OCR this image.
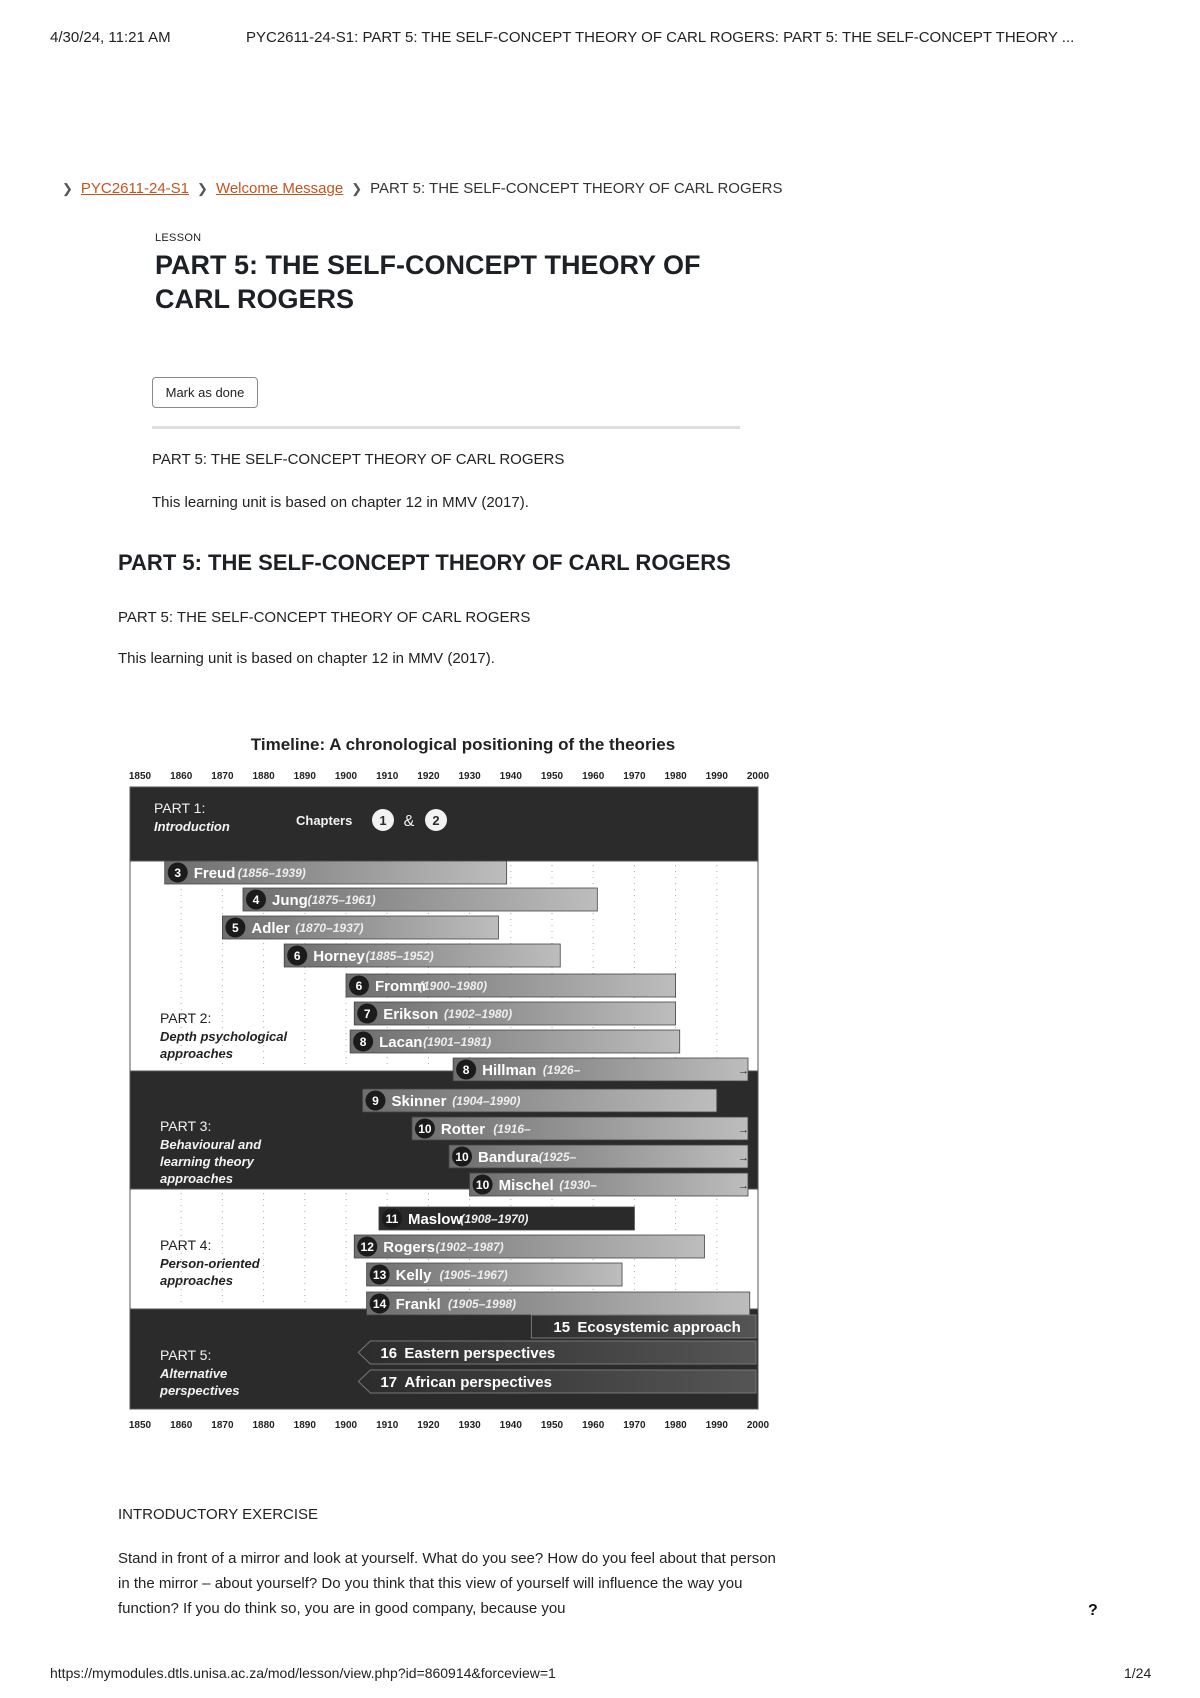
4/30/24, 11:21 AM	PYC2611-24-S1: PART 5: THE SELF-CONCEPT THEORY OF CARL ROGERS: PART 5: THE SELF-CONCEPT THEORY ...
❯ PYC2611-24-S1 ❯ Welcome Message ❯ PART 5: THE SELF-CONCEPT THEORY OF CARL ROGERS
LESSON
PART 5: THE SELF-CONCEPT THEORY OF CARL ROGERS
Mark as done
PART 5: THE SELF-CONCEPT THEORY OF CARL ROGERS
This learning unit is based on chapter 12 in MMV (2017).
PART 5: THE SELF-CONCEPT THEORY OF CARL ROGERS
PART 5: THE SELF-CONCEPT THEORY OF CARL ROGERS
This learning unit is based on chapter 12 in MMV (2017).
Timeline: A chronological positioning of the theories
1850 1860 1870 1880 1890 1900 1910 1920 1930 1940 1950 1960 1970 1980 1990 2000
PART 1:
Introduction
PART 2:
Depth psychological
approaches
PART 3:
Behavioural and
learning theory
approaches
PART 4:
Person-oriented
approaches
PART 5:
Alternative
perspectives
Chapters 1	2
&
3 Freud (1856–1939)
4 Jung (1875–1961)
5 Adler (1870–1937)
6 Horney (1885–1952)
6 Fromm
(1900–1980)
7 Erikson (1902–1980)
8 Lacan (1901–1981)
8 Hillman (1926–	→
9 Skinner (1904–1990)
10 Rotter (1916–	→
10 Bandura (1925–	→
10 Mischel (1930–	→
11 Maslow
(1908–1970)
12 Rogers (1902–1987)
13 Kelly (1905–1967)
14 Frankl (1905–1998)
15 Ecosystemic approach
16 Eastern perspectives
17 African perspectives
1850 1860 1870 1880 1890 1900 1910 1920 1930 1940 1950 1960 1970 1980 1990 2000
INTRODUCTORY EXERCISE
Stand in front of a mirror and look at yourself. What do you see? How do you feel about that person in the mirror – about yourself? Do you think that this view of yourself will influence the way you function? If you do think so, you are in good company, because you	?
https://mymodules.dtls.unisa.ac.za/mod/lesson/view.php?id=860914&forceview=1	1/24
